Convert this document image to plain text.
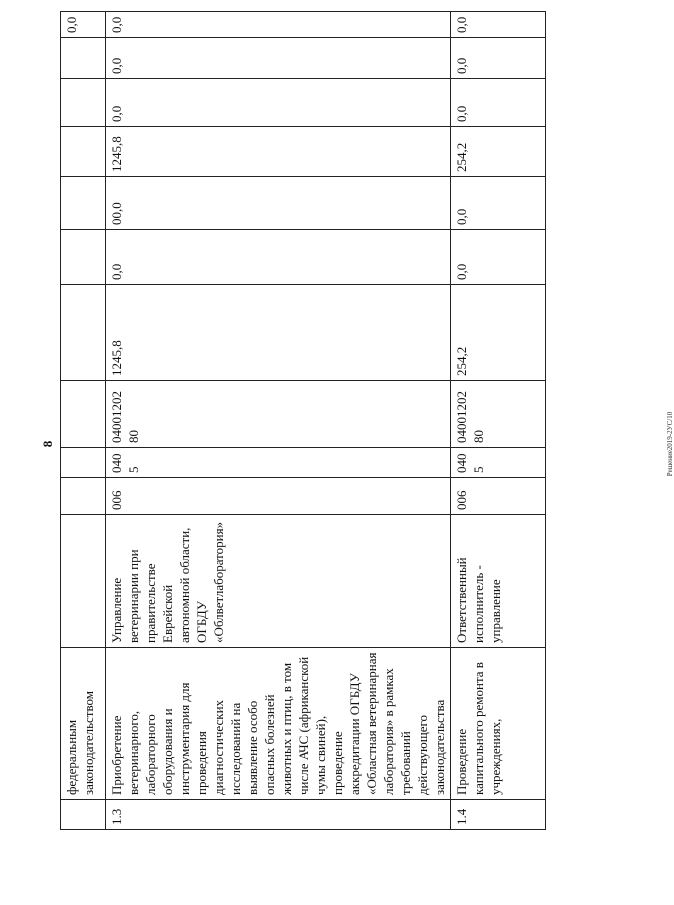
8
	федеральным законодательством											0,0
1.3	Приобретение ветеринарного, лабораторного оборудования и инструментария для проведения диагностических исследований на выявление особо опасных болезней животных и птиц, в том числе АЧС (африканской чумы свиней), проведение аккредитации ОГБДУ «Областная ветеринарная лаборатория» в рамках требований действующего законодательства	Управление ветеринарии при правительстве Еврейской автономной области, ОГБДУ «Облветлаборатория»	006	040 5	04001202 80	1245,8	0,0	00,0	1245,8	0,0	0,0	0,0
1.4	Проведение капитального ремонта в учреждениях,	Ответственный исполнитель - управление	006	040 5	04001202 80	254,2	0,0	0,0	254,2	0,0	0,0	0,0
Решение2019-2УС/10
